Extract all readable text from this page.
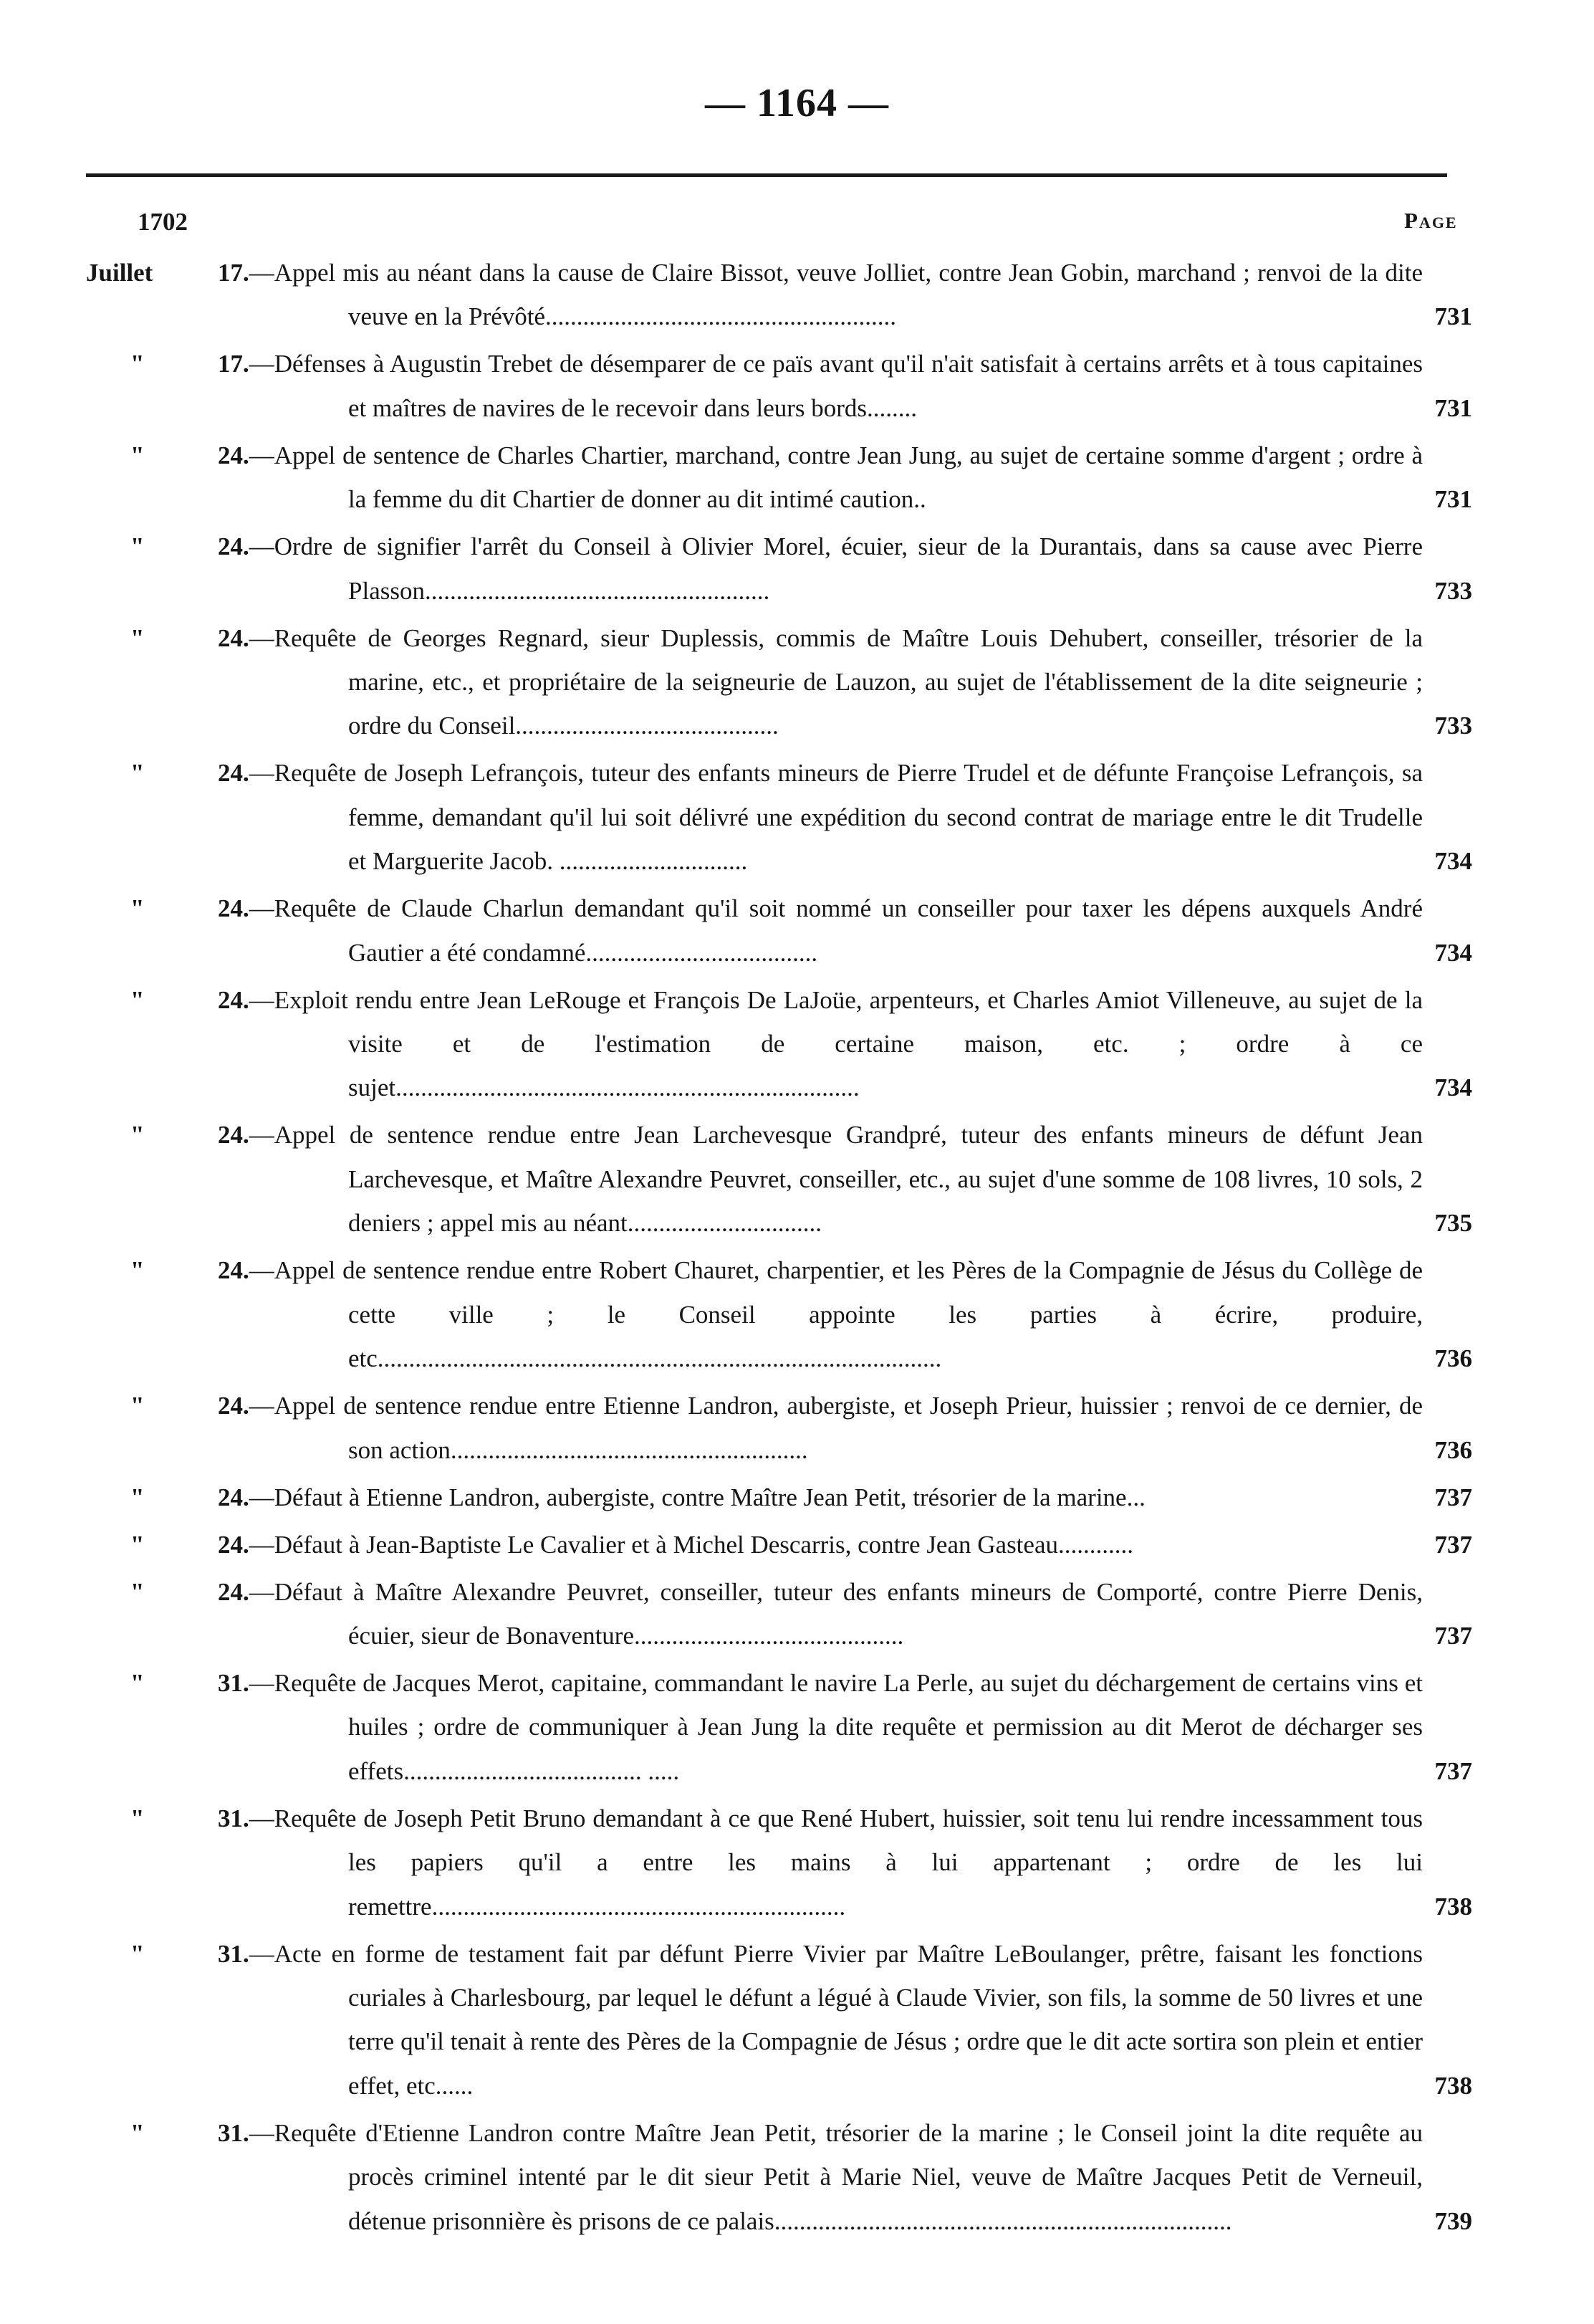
— 1164 —
1702	Page
Juillet	17.—Appel mis au néant dans la cause de Claire Bissot, veuve Jolliet, contre Jean Gobin, marchand ; renvoi de la dite veuve en la Prévôté........................................................	731
"	17.—Défenses à Augustin Trebet de désemparer de ce païs avant qu'il n'ait satisfait à certains arrêts et à tous capitaines et maîtres de navires de le recevoir dans leurs bords........	731
"	24.—Appel de sentence de Charles Chartier, marchand, contre Jean Jung, au sujet de certaine somme d'argent ; ordre à la femme du dit Chartier de donner au dit intimé caution..	731
"	24.—Ordre de signifier l'arrêt du Conseil à Olivier Morel, écuier, sieur de la Durantais, dans sa cause avec Pierre Plasson.......................................................	733
"	24.—Requête de Georges Regnard, sieur Duplessis, commis de Maître Louis Dehubert, conseiller, trésorier de la marine, etc., et propriétaire de la seigneurie de Lauzon, au sujet de l'établissement de la dite seigneurie ; ordre du Conseil..........................................	733
"	24.—Requête de Joseph Lefrançois, tuteur des enfants mineurs de Pierre Trudel et de défunte Françoise Lefrançois, sa femme, demandant qu'il lui soit délivré une expédition du second contrat de mariage entre le dit Trudelle et Marguerite Jacob. ..............................	734
"	24.—Requête de Claude Charlun demandant qu'il soit nommé un conseiller pour taxer les dépens auxquels André Gautier a été condamné.....................................	734
"	24.—Exploit rendu entre Jean LeRouge et François De LaJoüe, arpenteurs, et Charles Amiot Villeneuve, au sujet de la visite et de l'estimation de certaine maison, etc. ; ordre à ce sujet..........................................................................	734
"	24.—Appel de sentence rendue entre Jean Larchevesque Grandpré, tuteur des enfants mineurs de défunt Jean Larchevesque, et Maître Alexandre Peuvret, conseiller, etc., au sujet d'une somme de 108 livres, 10 sols, 2 deniers ; appel mis au néant...............................	735
"	24.—Appel de sentence rendue entre Robert Chauret, charpentier, et les Pères de la Compagnie de Jésus du Collège de cette ville ; le Conseil appointe les parties à écrire, produire, etc..........................................................................................	736
"	24.—Appel de sentence rendue entre Etienne Landron, aubergiste, et Joseph Prieur, huissier ; renvoi de ce dernier, de son action.........................................................	736
"	24.—Défaut à Etienne Landron, aubergiste, contre Maître Jean Petit, trésorier de la marine...	737
"	24.—Défaut à Jean-Baptiste Le Cavalier et à Michel Descarris, contre Jean Gasteau............	737
"	24.—Défaut à Maître Alexandre Peuvret, conseiller, tuteur des enfants mineurs de Comporté, contre Pierre Denis, écuier, sieur de Bonaventure...........................................	737
"	31.—Requête de Jacques Merot, capitaine, commandant le navire La Perle, au sujet du déchargement de certains vins et huiles ; ordre de communiquer à Jean Jung la dite requête et permission au dit Merot de décharger ses effets...................................... .....	737
"	31.—Requête de Joseph Petit Bruno demandant à ce que René Hubert, huissier, soit tenu lui rendre incessamment tous les papiers qu'il a entre les mains à lui appartenant ; ordre de les lui remettre..................................................................	738
"	31.—Acte en forme de testament fait par défunt Pierre Vivier par Maître LeBoulanger, prêtre, faisant les fonctions curiales à Charlesbourg, par lequel le défunt a légué à Claude Vivier, son fils, la somme de 50 livres et une terre qu'il tenait à rente des Pères de la Compagnie de Jésus ; ordre que le dit acte sortira son plein et entier effet, etc......	738
"	31.—Requête d'Etienne Landron contre Maître Jean Petit, trésorier de la marine ; le Conseil joint la dite requête au procès criminel intenté par le dit sieur Petit à Marie Niel, veuve de Maître Jacques Petit de Verneuil, détenue prisonnière ès prisons de ce palais.........................................................................	739
